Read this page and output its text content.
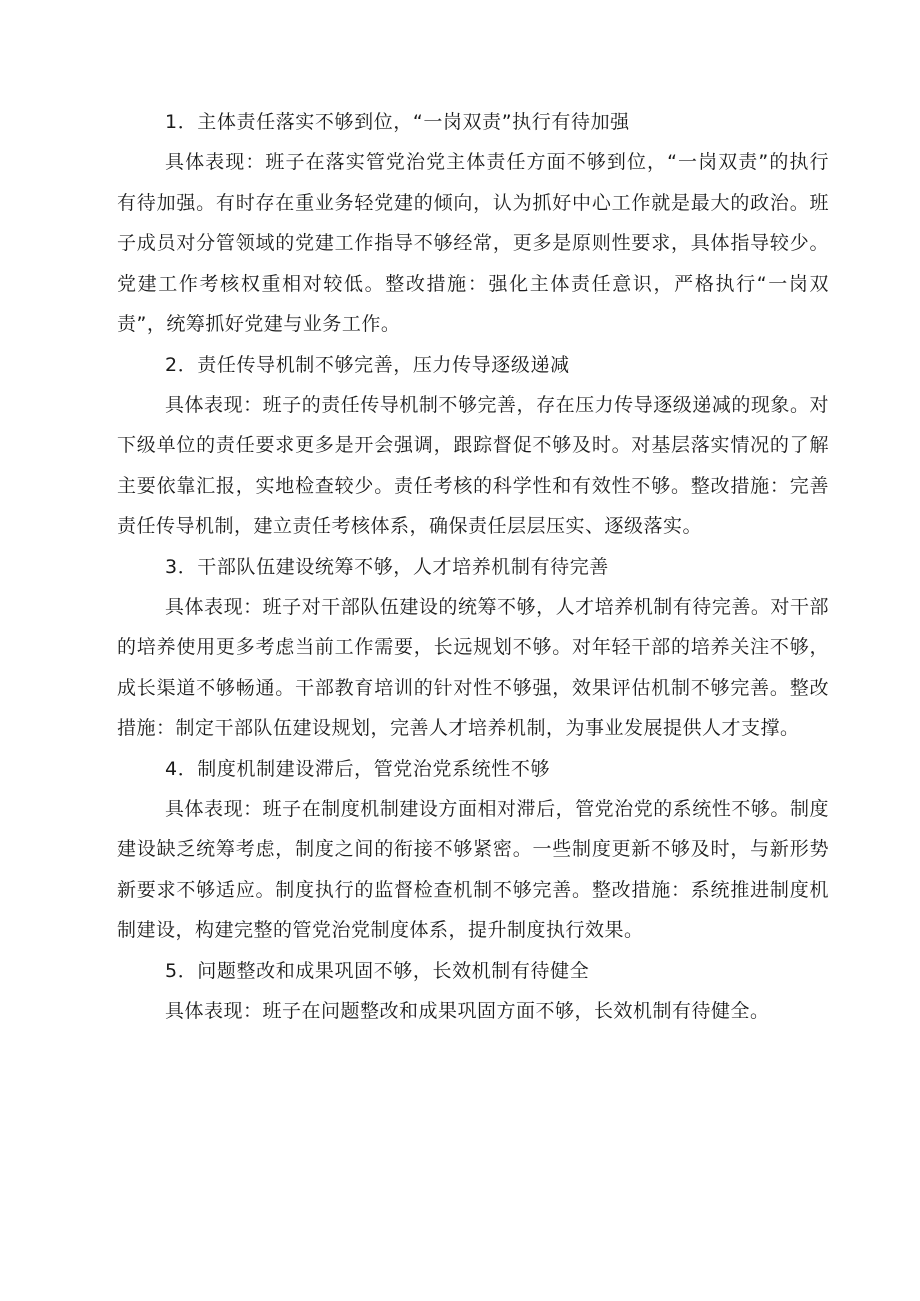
1．主体责任落实不够到位，“一岗双责”执行有待加强

具体表现：班子在落实管党治党主体责任方面不够到位，“一岗双责”的执行有待加强。有时存在重业务轻党建的倾向，认为抓好中心工作就是最大的政治。班子成员对分管领域的党建工作指导不够经常，更多是原则性要求，具体指导较少。党建工作考核权重相对较低。整改措施：强化主体责任意识，严格执行“一岗双责”，统筹抓好党建与业务工作。

2．责任传导机制不够完善，压力传导逐级递减

具体表现：班子的责任传导机制不够完善，存在压力传导逐级递减的现象。对下级单位的责任要求更多是开会强调，跟踪督促不够及时。对基层落实情况的了解主要依靠汇报，实地检查较少。责任考核的科学性和有效性不够。整改措施：完善责任传导机制，建立责任考核体系，确保责任层层压实、逐级落实。

3．干部队伍建设统筹不够，人才培养机制有待完善

具体表现：班子对干部队伍建设的统筹不够，人才培养机制有待完善。对干部的培养使用更多考虑当前工作需要，长远规划不够。对年轻干部的培养关注不够，成长渠道不够畅通。干部教育培训的针对性不够强，效果评估机制不够完善。整改措施：制定干部队伍建设规划，完善人才培养机制，为事业发展提供人才支撑。

4．制度机制建设滞后，管党治党系统性不够

具体表现：班子在制度机制建设方面相对滞后，管党治党的系统性不够。制度建设缺乏统筹考虑，制度之间的衔接不够紧密。一些制度更新不够及时，与新形势新要求不够适应。制度执行的监督检查机制不够完善。整改措施：系统推进制度机制建设，构建完整的管党治党制度体系，提升制度执行效果。

5．问题整改和成果巩固不够，长效机制有待健全

具体表现：班子在问题整改和成果巩固方面不够，长效机制有待健全。
